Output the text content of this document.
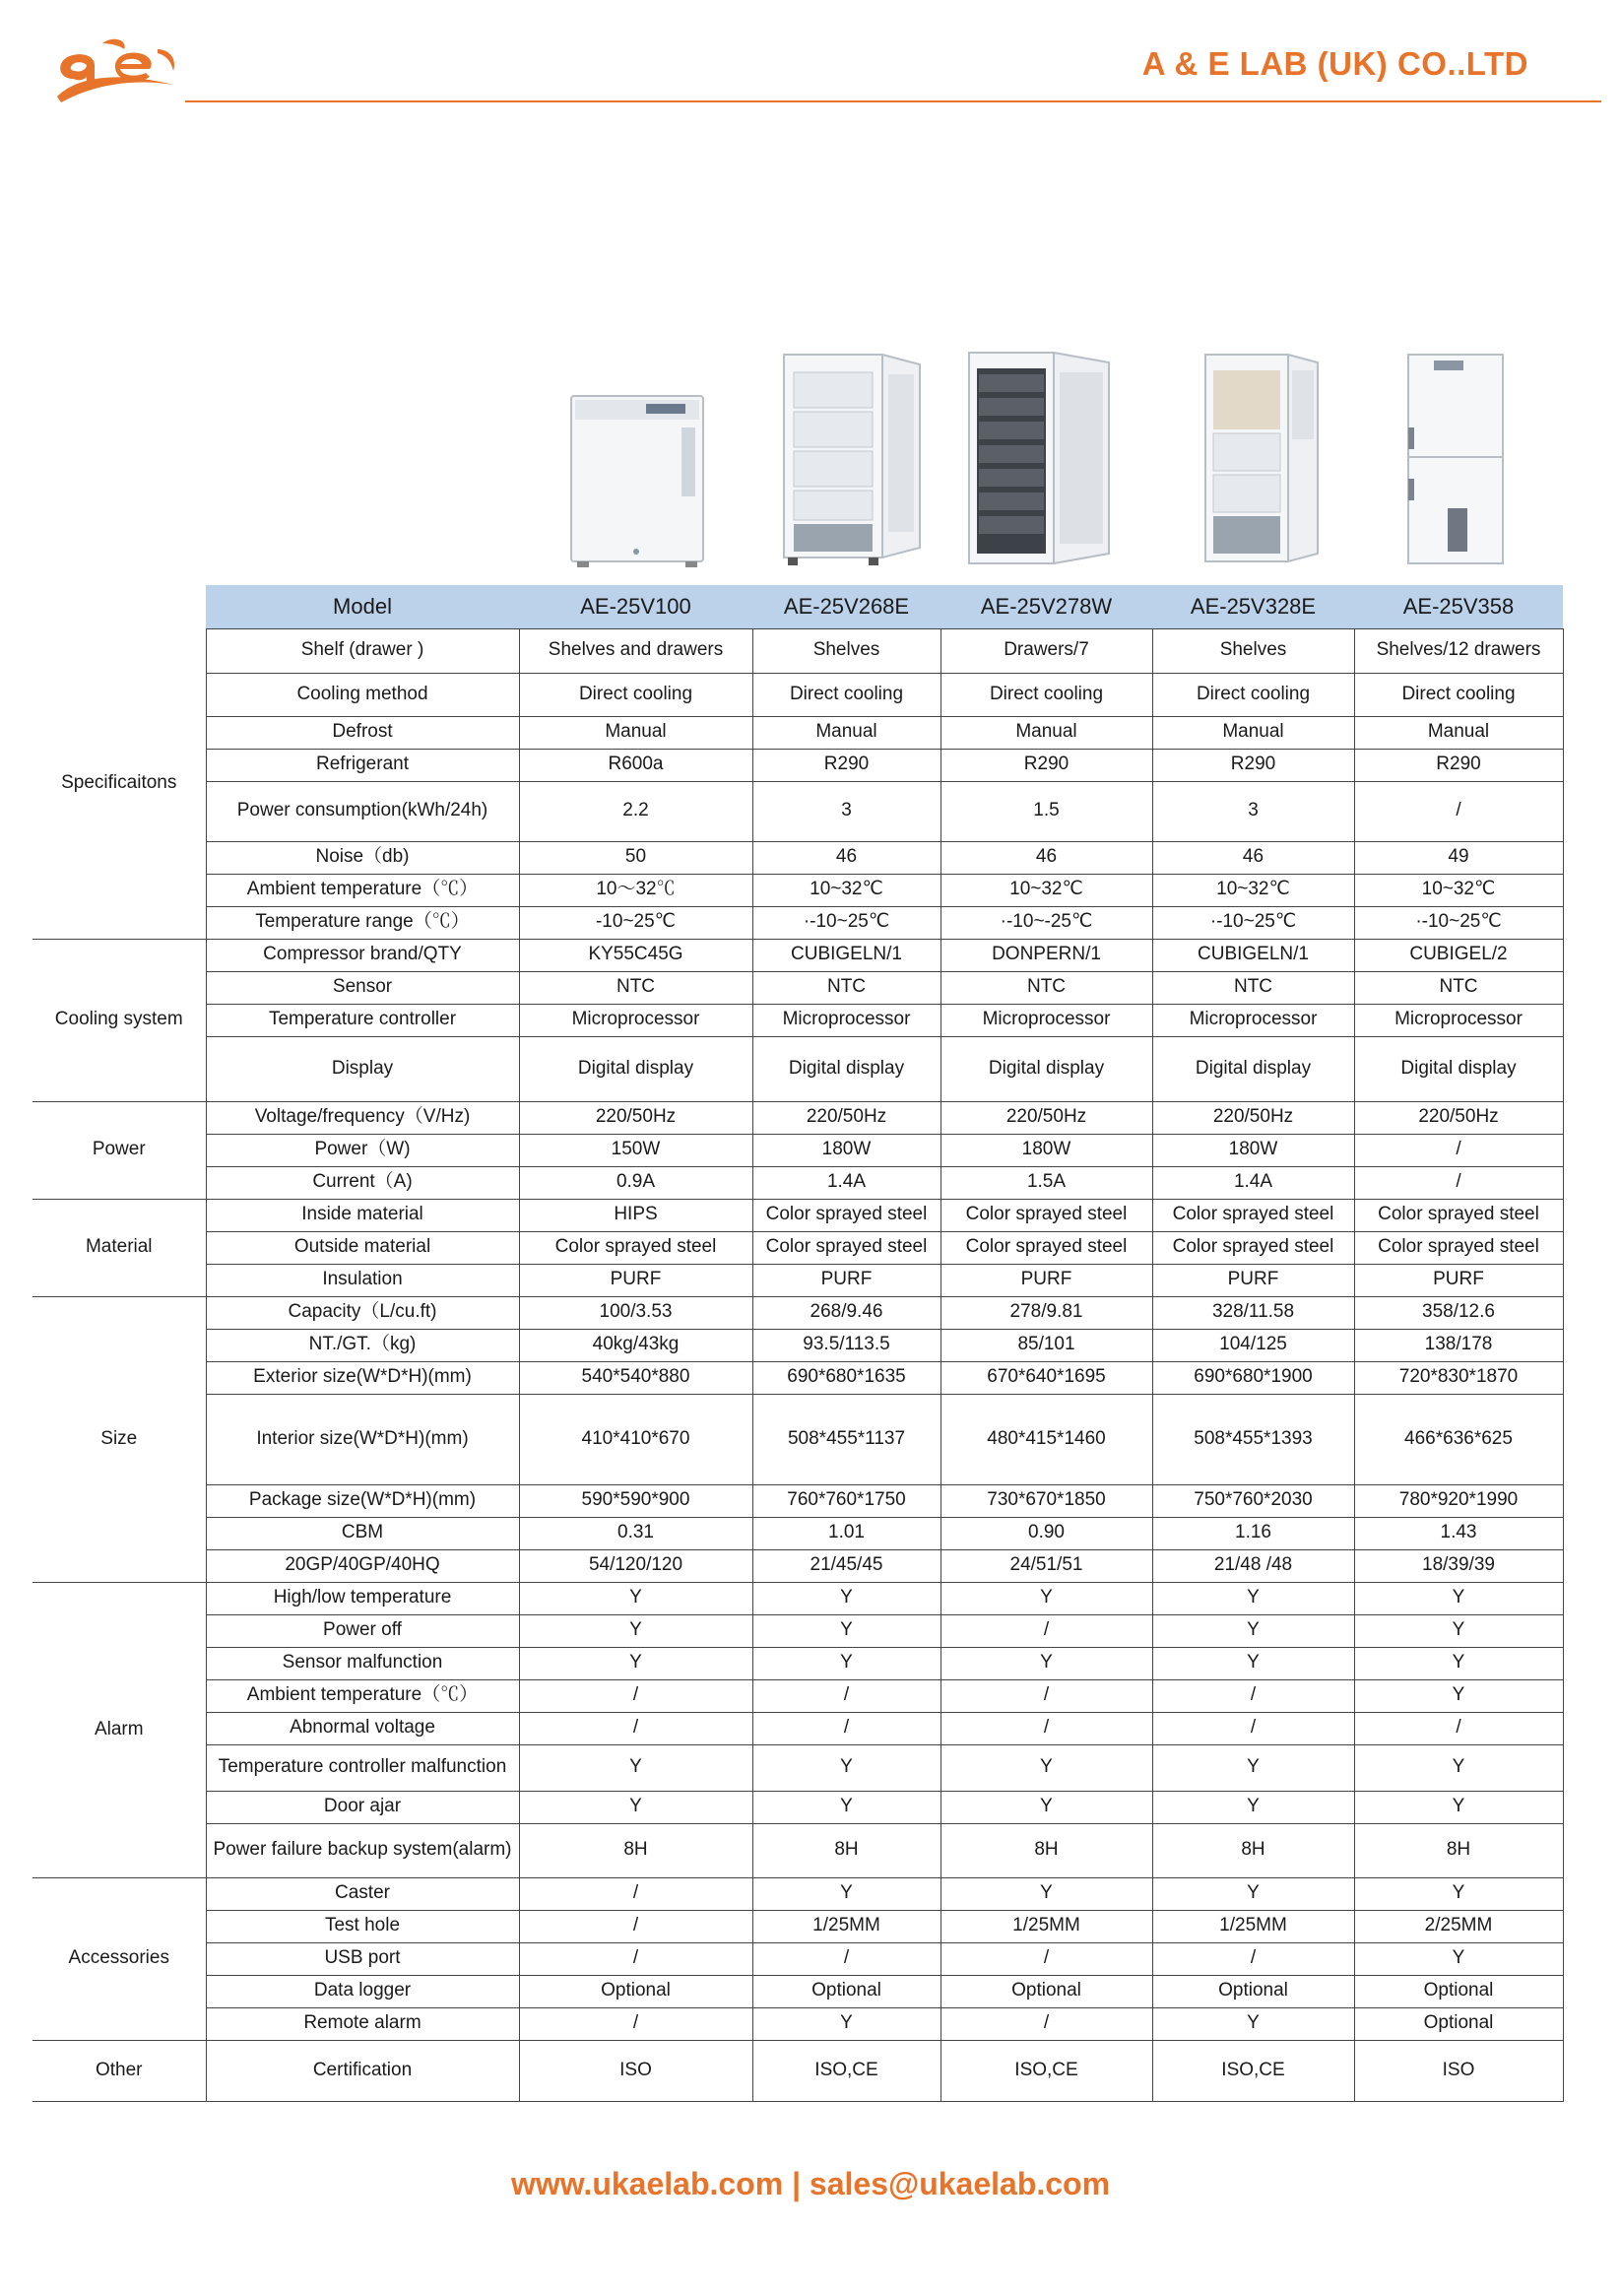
A & E LAB (UK) CO..LTD
	Model	AE-25V100	AE-25V268E	AE-25V278W	AE-25V328E	AE-25V358
Specificaitons	Shelf (drawer )	Shelves and drawers	Shelves	Drawers/7	Shelves	Shelves/12 drawers
	Cooling method	Direct cooling	Direct cooling	Direct cooling	Direct cooling	Direct cooling
	Defrost	Manual	Manual	Manual	Manual	Manual
	Refrigerant	R600a	R290	R290	R290	R290
	Power consumption(kWh/24h)	2.2	3	1.5	3	/
	Noise（db)	50	46	46	46	49
	Ambient temperature（℃）	10～32℃	10~32℃	10~32℃	10~32℃	10~32℃
	Temperature range（℃）	-10~25℃	·-10~25℃	·-10~-25℃	·-10~25℃	·-10~25℃
Cooling system	Compressor brand/QTY	KY55C45G	CUBIGELN/1	DONPERN/1	CUBIGELN/1	CUBIGEL/2
	Sensor	NTC	NTC	NTC	NTC	NTC
	Temperature controller	Microprocessor	Microprocessor	Microprocessor	Microprocessor	Microprocessor
	Display	Digital display	Digital display	Digital display	Digital display	Digital display
Power	Voltage/frequency（V/Hz)	220/50Hz	220/50Hz	220/50Hz	220/50Hz	220/50Hz
	Power（W)	150W	180W	180W	180W	/
	Current（A)	0.9A	1.4A	1.5A	1.4A	/
Material	Inside material	HIPS	Color sprayed steel	Color sprayed steel	Color sprayed steel	Color sprayed steel
	Outside material	Color sprayed steel	Color sprayed steel	Color sprayed steel	Color sprayed steel	Color sprayed steel
	Insulation	PURF	PURF	PURF	PURF	PURF
Size	Capacity（L/cu.ft)	100/3.53	268/9.46	278/9.81	328/11.58	358/12.6
	NT./GT.（kg)	40kg/43kg	93.5/113.5	85/101	104/125	138/178
	Exterior size(W*D*H)(mm)	540*540*880	690*680*1635	670*640*1695	690*680*1900	720*830*1870
	Interior size(W*D*H)(mm)	410*410*670	508*455*1137	480*415*1460	508*455*1393	466*636*625
	Package size(W*D*H)(mm)	590*590*900	760*760*1750	730*670*1850	750*760*2030	780*920*1990
	CBM	0.31	1.01	0.90	1.16	1.43
	20GP/40GP/40HQ	54/120/120	21/45/45	24/51/51	21/48 /48	18/39/39
Alarm	High/low temperature	Y	Y	Y	Y	Y
	Power off	Y	Y	/	Y	Y
	Sensor malfunction	Y	Y	Y	Y	Y
	Ambient temperature（℃）	/	/	/	/	Y
	Abnormal voltage	/	/	/	/	/
	Temperature controller malfunction	Y	Y	Y	Y	Y
	Door ajar	Y	Y	Y	Y	Y
	Power failure backup system(alarm)	8H	8H	8H	8H	8H
Accessories	Caster	/	Y	Y	Y	Y
	Test hole	/	1/25MM	1/25MM	1/25MM	2/25MM
	USB port	/	/	/	/	Y
	Data logger	Optional	Optional	Optional	Optional	Optional
	Remote alarm	/	Y	/	Y	Optional
Other	Certification	ISO	ISO,CE	ISO,CE	ISO,CE	ISO
www.ukaelab.com | sales@ukaelab.com
